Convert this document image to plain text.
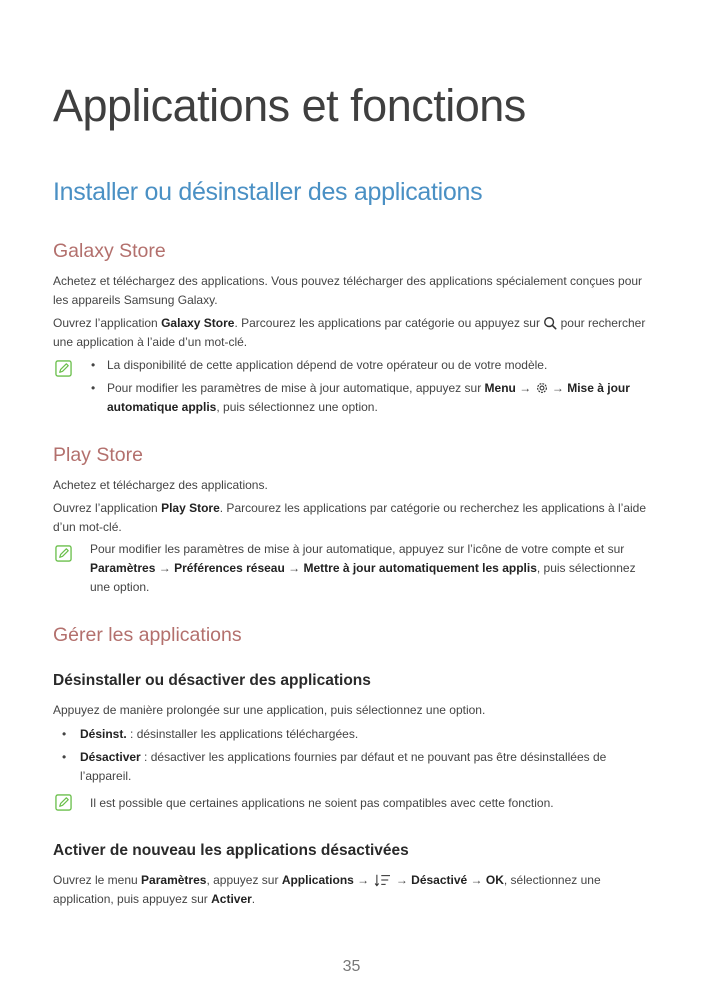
Applications et fonctions
Installer ou désinstaller des applications
Galaxy Store

Achetez et téléchargez des applications. Vous pouvez télécharger des applications spécialement conçues pour les appareils Samsung Galaxy.

Ouvrez l’application Galaxy Store. Parcourez les applications par catégorie ou appuyez sur  pour rechercher une application à l’aide d’un mot-clé.

• La disponibilité de cette application dépend de votre opérateur ou de votre modèle.
• Pour modifier les paramètres de mise à jour automatique, appuyez sur Menu →  → Mise à jour automatique applis, puis sélectionnez une option.
Play Store

Achetez et téléchargez des applications.

Ouvrez l’application Play Store. Parcourez les applications par catégorie ou recherchez les applications à l’aide d’un mot-clé.

Pour modifier les paramètres de mise à jour automatique, appuyez sur l’icône de votre compte et sur Paramètres → Préférences réseau → Mettre à jour automatiquement les applis, puis sélectionnez une option.

Gérer les applications
Désinstaller ou désactiver des applications

Appuyez de manière prolongée sur une application, puis sélectionnez une option.

• Désinst. : désinstaller les applications téléchargées.
• Désactiver : désactiver les applications fournies par défaut et ne pouvant pas être désinstallées de l’appareil.

Il est possible que certaines applications ne soient pas compatibles avec cette fonction.

Activer de nouveau les applications désactivées

Ouvrez le menu Paramètres, appuyez sur Applications →  → Désactivé → OK, sélectionnez une application, puis appuyez sur Activer.

35
